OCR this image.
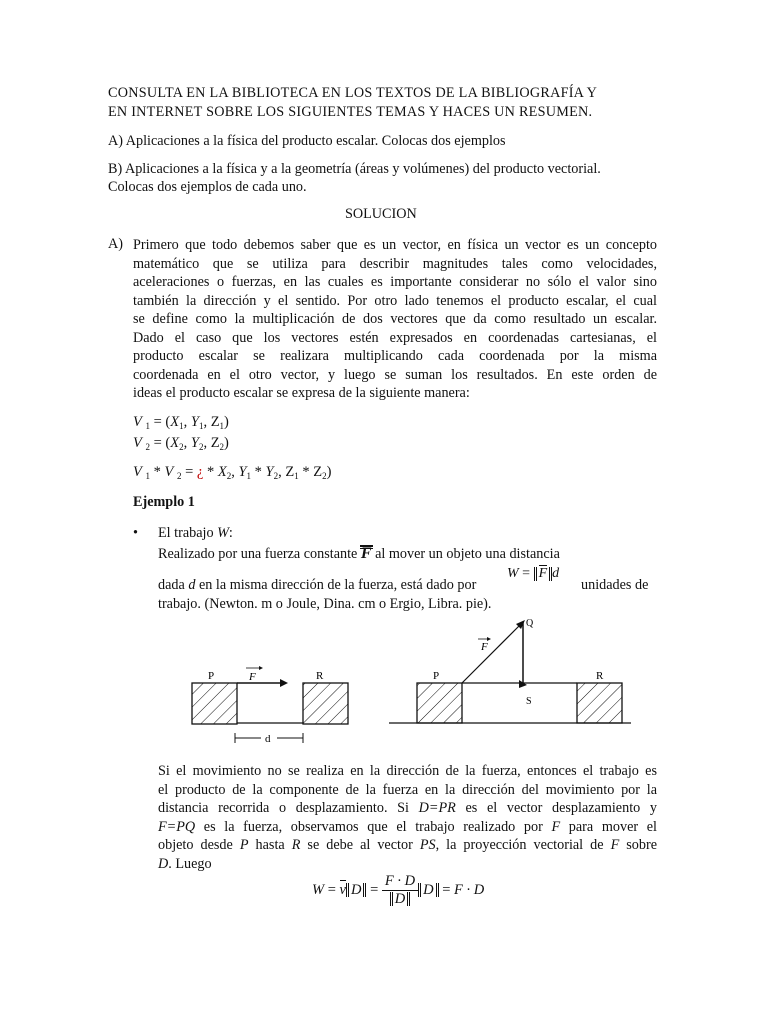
CONSULTA EN LA BIBLIOTECA EN LOS TEXTOS DE LA BIBLIOGRAFÍA Y
EN INTERNET SOBRE LOS SIGUIENTES TEMAS Y HACES UN RESUMEN.
A) Aplicaciones a la física del producto escalar. Colocas dos ejemplos
B) Aplicaciones a la física y a la geometría (áreas y volúmenes) del producto vectorial.
Colocas dos ejemplos de cada uno.
SOLUCION
A) Primero que todo debemos saber que es un vector, en física un vector es un concepto
matemático que se utiliza para describir magnitudes tales como velocidades,
aceleraciones o fuerzas, en las cuales es importante considerar no sólo el valor sino
también la dirección y el sentido. Por otro lado tenemos el producto escalar, el cual
se define como la multiplicación de dos vectores que da como resultado un escalar.
Dado el caso que los vectores estén expresados en coordenadas cartesianas, el
producto escalar se realizara multiplicando cada coordenada por la misma
coordenada en el otro vector, y luego se suman los resultados. En este orden de
ideas el producto escalar se expresa de la siguiente manera:
V $_1 = (X_1$, $Y_1$, $Z_1$)
V $_2 = (X_2$, $Y_2$, $Z_2$)
V $_1$ * V $_2$ = ¿ * $X_2$, $Y_1 * Y_2$, $Z_1 * Z_2$)
Ejemplo 1
• El trabajo W:
Realizado por una fuerza constante
F al mover un objeto una distancia
dada d en la misma dirección de la fuerza, está dado por
W = F d
unidades de
trabajo. (Newton. m o Joule, Dina. cm o Ergio, Libra. pie).
P	R
F
d
P	R
F
Q
S
Si el movimiento no se realiza en la dirección de la fuerza, entonces el trabajo es
el producto de la componente de la fuerza en la dirección del movimiento por la
distancia recorrida o desplazamiento. Si D=PR es el vector desplazamiento y
F=PQ es la fuerza, observamos que el trabajo realizado por F para mover el
objeto desde P hasta R se debe al vector PS, la proyección vectorial de F sobre
D. Luego
W = v $D = \frac{F \cdot D}{D}$ D = F · D
